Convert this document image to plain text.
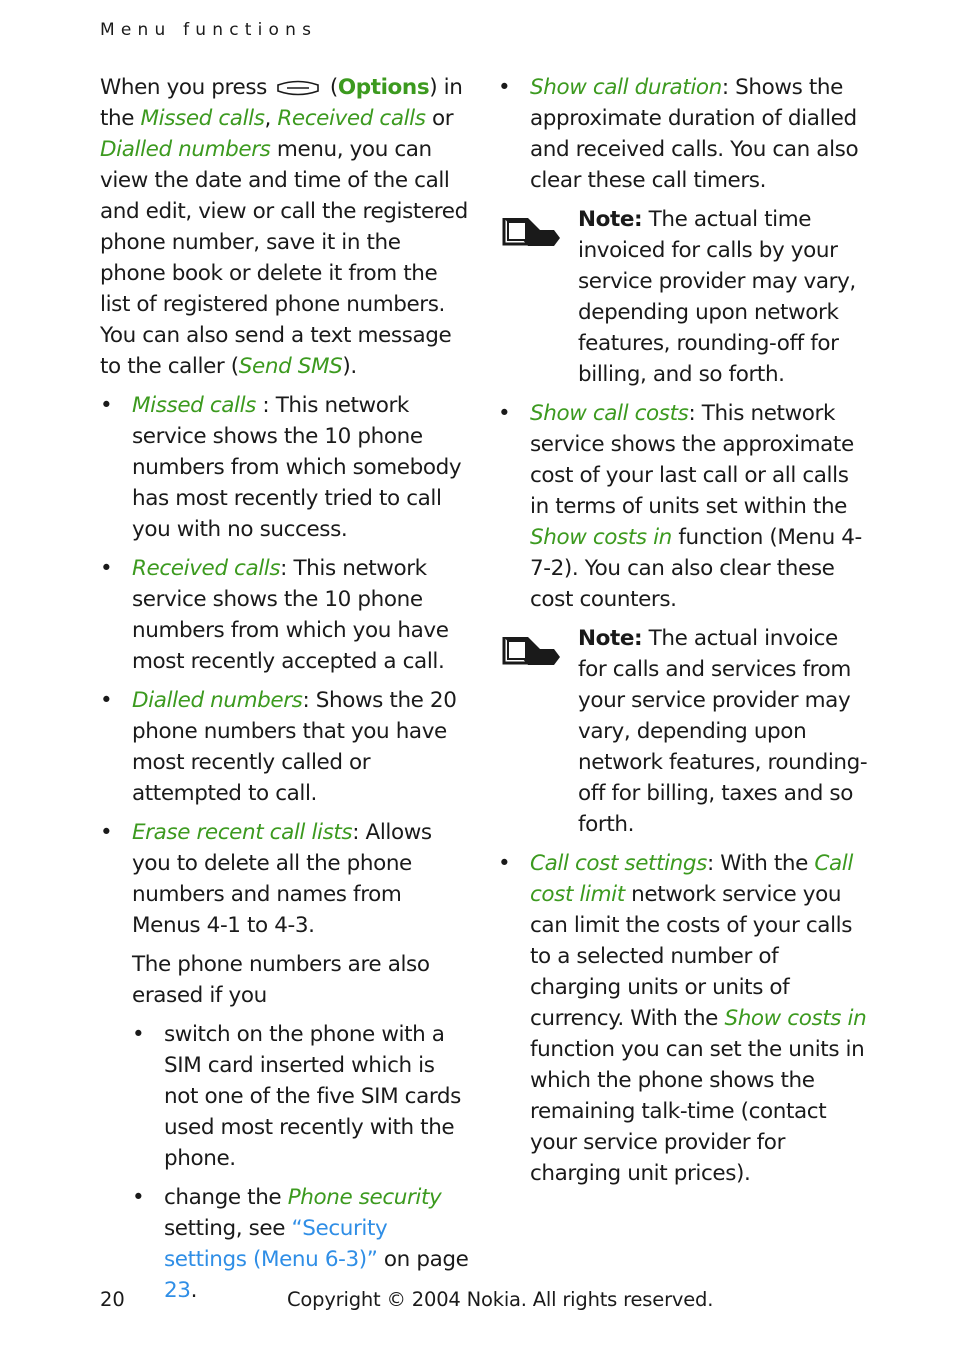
Menu functions

When you press  (Options) in the Missed calls, Received calls or Dialled numbers menu, you can view the date and time of the call and edit, view or call the registered phone number, save it in the phone book or delete it from the list of registered phone numbers. You can also send a text message to the caller (Send SMS).

• Missed calls : This network service shows the 10 phone numbers from which somebody has most recently tried to call you with no success.
• Received calls: This network service shows the 10 phone numbers from which you have most recently accepted a call.
• Dialled numbers: Shows the 20 phone numbers that you have most recently called or attempted to call.
• Erase recent call lists: Allows you to delete all the phone numbers and names from Menus 4-1 to 4-3.

The phone numbers are also erased if you

• switch on the phone with a SIM card inserted which is not one of the five SIM cards used most recently with the phone.
• change the Phone security setting, see “Security settings (Menu 6-3)” on page 23.
• Show call duration: Shows the approximate duration of dialled and received calls. You can also clear these call timers.
Note: The actual time invoiced for calls by your service provider may vary, depending upon network features, rounding-off for billing, and so forth.
• Show call costs: This network service shows the approximate cost of your last call or all calls in terms of units set within the Show costs in function (Menu 4-7-2). You can also clear these cost counters.
Note: The actual invoice for calls and services from your service provider may vary, depending upon network features, rounding-off for billing, taxes and so forth.
• Call cost settings: With the Call cost limit network service you can limit the costs of your calls to a selected number of charging units or units of currency. With the Show costs in function you can set the units in which the phone shows the remaining talk-time (contact your service provider for charging unit prices).
20	Copyright © 2004 Nokia. All rights reserved.
